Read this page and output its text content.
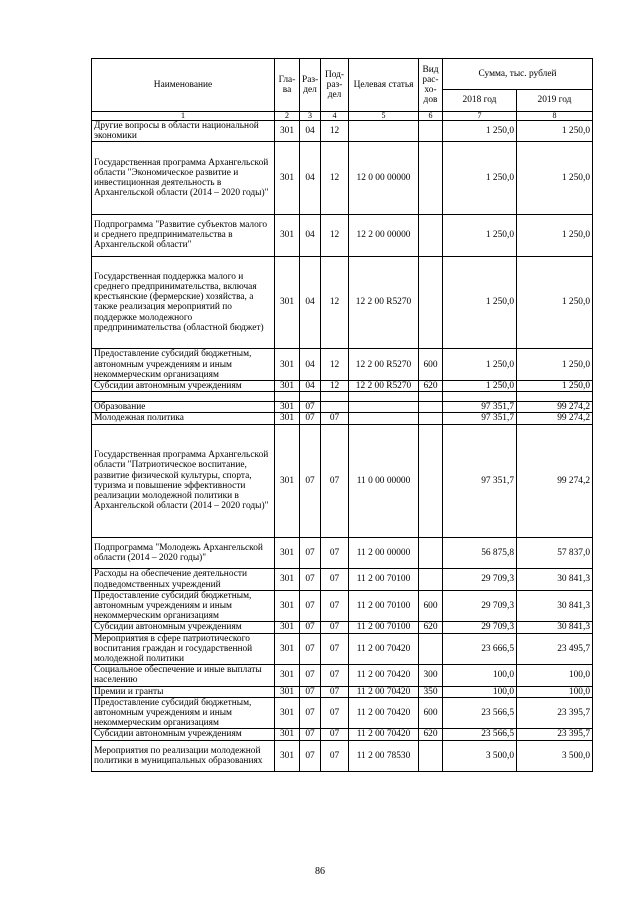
Наименование	Гла-ва	Раз-дел	Под-раз-дел	Целевая статья	Вид рас-хо-дов	Сумма, тыс. рублей	
						2018 год	2019 год
1	2	3	4	5	6	7	8
Другие вопросы в области национальной экономики	301	04	12			1 250,0	1 250,0
Государственная программа Архангельской области "Экономическое развитие и инвестиционная деятельность в Архангельской области (2014 – 2020 годы)"	301	04	12	12 0 00 00000		1 250,0	1 250,0
Подпрограмма "Развитие субъектов малого и среднего предпринимательства в Архангельской области"	301	04	12	12 2 00 00000		1 250,0	1 250,0
Государственная поддержка малого и среднего предпринимательства, включая крестьянские (фермерские) хозяйства, а также реализация мероприятий по поддержке молодежного предпринимательства (областной бюджет)	301	04	12	12 2 00 R5270		1 250,0	1 250,0
Предоставление субсидий бюджетным, автономным учреждениям и иным некоммерческим организациям	301	04	12	12 2 00 R5270	600	1 250,0	1 250,0
Субсидии автономным учреждениям	301	04	12	12 2 00 R5270	620	1 250,0	1 250,0

Образование	301	07				97 351,7	99 274,2
Молодежная политика	301	07	07			97 351,7	99 274,2
Государственная программа Архангельской области "Патриотическое воспитание, развитие физической культуры, спорта, туризма и повышение эффективности реализации молодежной политики в Архангельской области (2014 – 2020 годы)"	301	07	07	11 0 00 00000		97 351,7	99 274,2
Подпрограмма "Молодежь Архангельской области (2014 – 2020 годы)"	301	07	07	11 2 00 00000		56 875,8	57 837,0
Расходы на обеспечение деятельности подведомственных учреждений	301	07	07	11 2 00 70100		29 709,3	30 841,3
Предоставление субсидий бюджетным, автономным учреждениям и иным некоммерческим организациям	301	07	07	11 2 00 70100	600	29 709,3	30 841,3
Субсидии автономным учреждениям	301	07	07	11 2 00 70100	620	29 709,3	30 841,3
Мероприятия в сфере патриотического воспитания граждан и государственной молодежной политики	301	07	07	11 2 00 70420		23 666,5	23 495,7
Социальное обеспечение и иные выплаты населению	301	07	07	11 2 00 70420	300	100,0	100,0
Премии и гранты	301	07	07	11 2 00 70420	350	100,0	100,0
Предоставление субсидий бюджетным, автономным учреждениям и иным некоммерческим организациям	301	07	07	11 2 00 70420	600	23 566,5	23 395,7
Субсидии автономным учреждениям	301	07	07	11 2 00 70420	620	23 566,5	23 395,7
Мероприятия по реализации молодежной политики в муниципальных образованиях	301	07	07	11 2 00 78530		3 500,0	3 500,0
86
